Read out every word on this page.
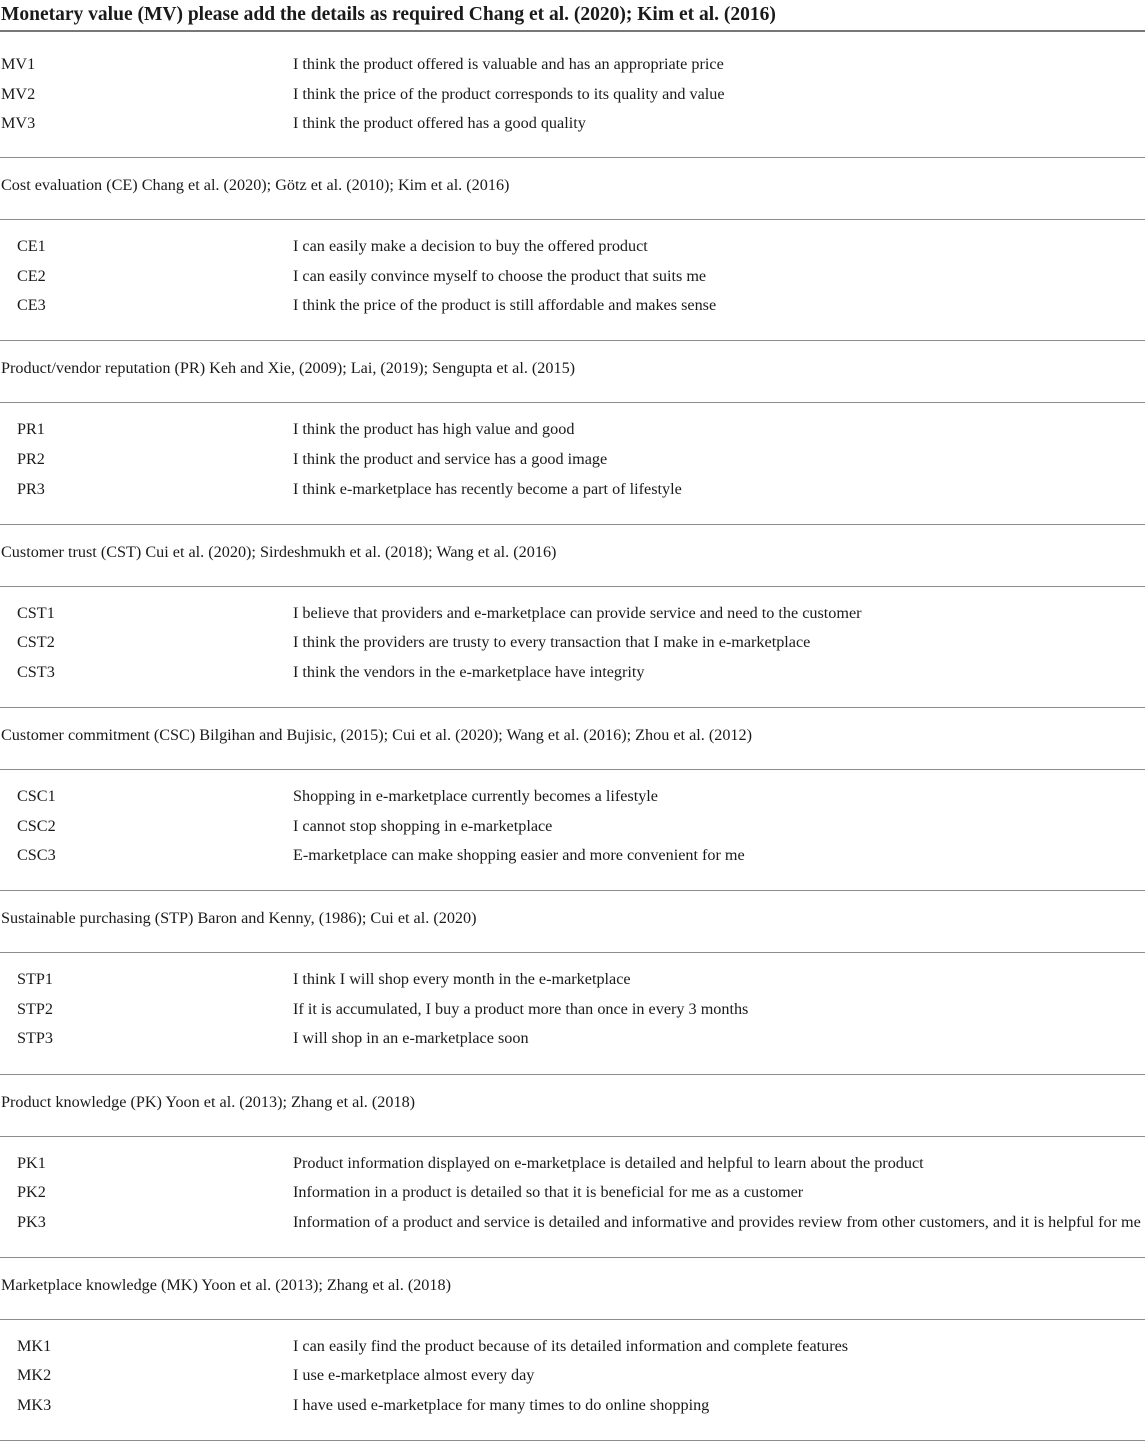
Monetary value (MV) please add the details as required Chang et al. (2020); Kim et al. (2016)
MV1	I think the product offered is valuable and has an appropriate price
MV2	I think the price of the product corresponds to its quality and value
MV3	I think the product offered has a good quality
Cost evaluation (CE) Chang et al. (2020); Götz et al. (2010); Kim et al. (2016)
CE1	I can easily make a decision to buy the offered product
CE2	I can easily convince myself to choose the product that suits me
CE3	I think the price of the product is still affordable and makes sense
Product/vendor reputation (PR) Keh and Xie, (2009); Lai, (2019); Sengupta et al. (2015)
PR1	I think the product has high value and good
PR2	I think the product and service has a good image
PR3	I think e-marketplace has recently become a part of lifestyle
Customer trust (CST) Cui et al. (2020); Sirdeshmukh et al. (2018); Wang et al. (2016)
CST1	I believe that providers and e-marketplace can provide service and need to the customer
CST2	I think the providers are trusty to every transaction that I make in e-marketplace
CST3	I think the vendors in the e-marketplace have integrity
Customer commitment (CSC) Bilgihan and Bujisic, (2015); Cui et al. (2020); Wang et al. (2016); Zhou et al. (2012)
CSC1	Shopping in e-marketplace currently becomes a lifestyle
CSC2	I cannot stop shopping in e-marketplace
CSC3	E-marketplace can make shopping easier and more convenient for me
Sustainable purchasing (STP) Baron and Kenny, (1986); Cui et al. (2020)
STP1	I think I will shop every month in the e-marketplace
STP2	If it is accumulated, I buy a product more than once in every 3 months
STP3	I will shop in an e-marketplace soon
Product knowledge (PK) Yoon et al. (2013); Zhang et al. (2018)
PK1	Product information displayed on e-marketplace is detailed and helpful to learn about the product
PK2	Information in a product is detailed so that it is beneficial for me as a customer
PK3	Information of a product and service is detailed and informative and provides review from other customers, and it is helpful for me
Marketplace knowledge (MK) Yoon et al. (2013); Zhang et al. (2018)
MK1	I can easily find the product because of its detailed information and complete features
MK2	I use e-marketplace almost every day
MK3	I have used e-marketplace for many times to do online shopping
